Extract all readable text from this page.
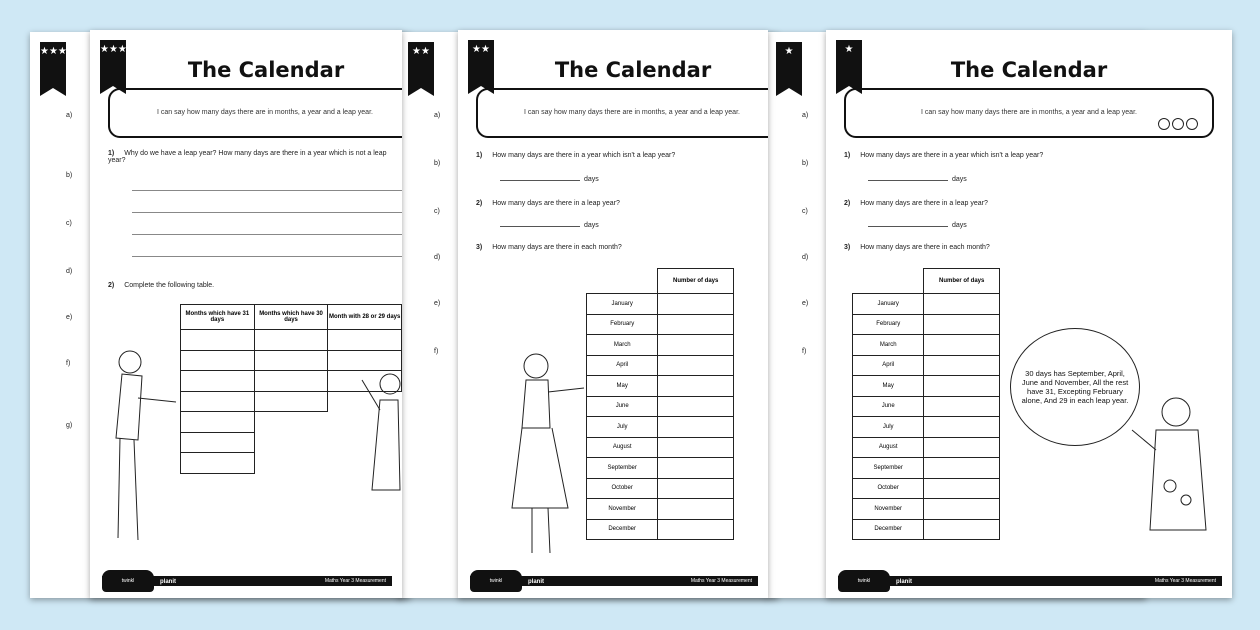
★★★
a)
b)
c)
d)
e)
f)
g)
★★
a)
b)
c)
d)
e)
f)
★
a)
b)
c)
d)
e)
f)
★★★
The Calendar
I can say how many days there are in months, a year and a leap year.
1) Why do we have a leap year? How many days are there in a year which is not a leap year?
2) Complete the following table.
Months which have 31 days	Months which have 30 days	Month with 28 or 29 days

Maths Year 3 Measurement
twinkl	planit
★★
The Calendar
I can say how many days there are in months, a year and a leap year.
1) How many days are there in a year which isn't a leap year?
days
2) How many days are there in a leap year?
days
3) How many days are there in each month?
	Number of days
January	
February	
March	
April	
May	
June	
July	
August	
September	
October	
November	
December	
Maths Year 3 Measurement
twinkl	planit
★
The Calendar
I can say how many days there are in months, a year and a leap year.
1) How many days are there in a year which isn't a leap year?
days
2) How many days are there in a leap year?
days
3) How many days are there in each month?
	Number of days
January	
February	
March	
April	
May	
June	
July	
August	
September	
October	
November	
December	
30 days has September, April, June and November, All the rest have 31, Excepting February alone, And 29 in each leap year.
Maths Year 3 Measurement
twinkl	planit
